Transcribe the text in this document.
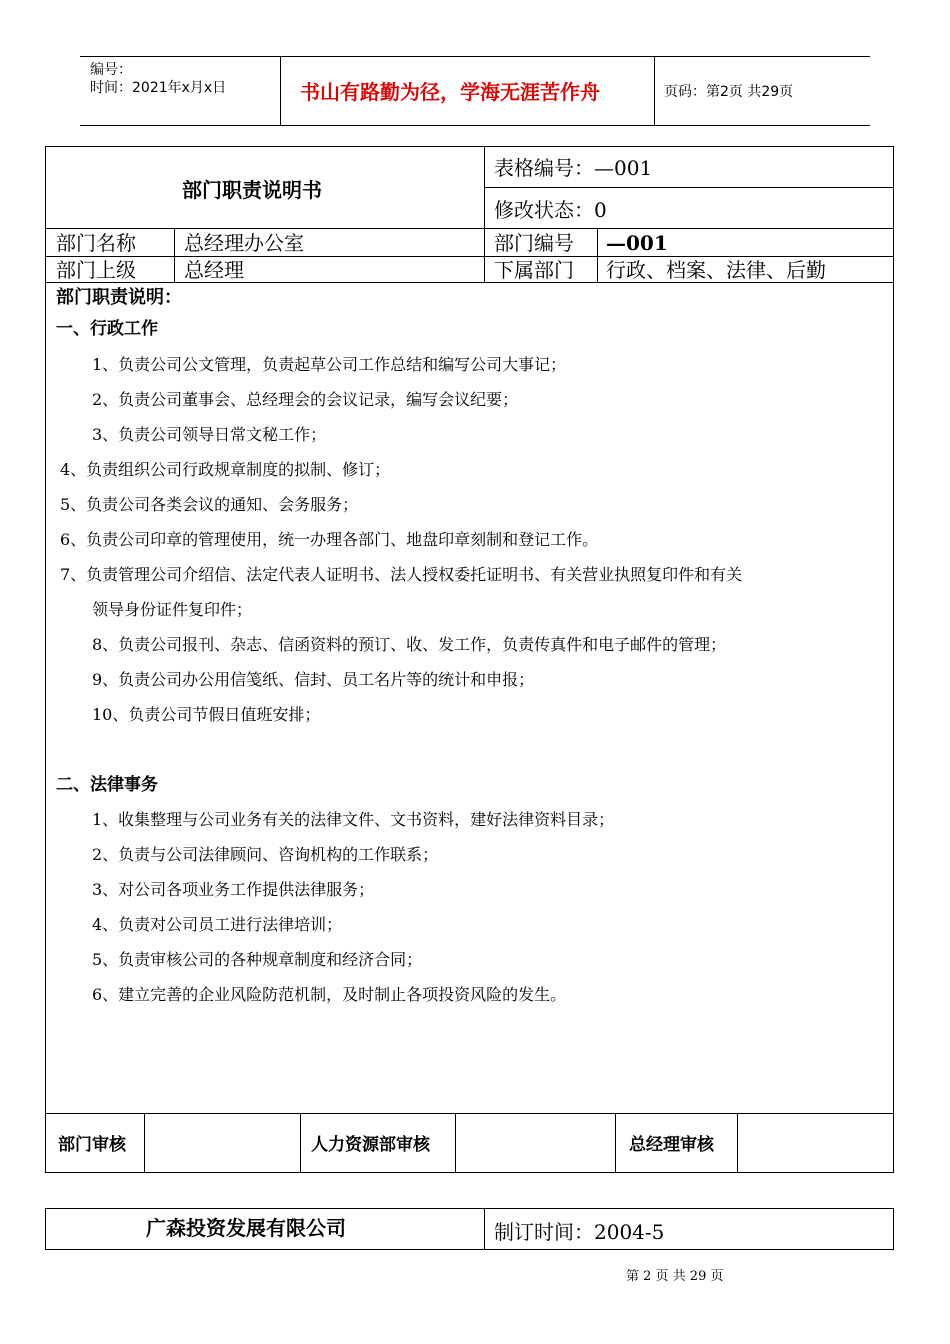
编号：
时间：2021年x月x日	书山有路勤为径，学海无涯苦作舟	页码：第2页 共29页
部门职责说明书
表格编号：—001
修改状态：0
部门名称 总经理办公室	部门编号 —001
部门上级 总经理	下属部门 行政、档案、法律、后勤
部门职责说明：
一、行政工作
1、负责公司公文管理，负责起草公司工作总结和编写公司大事记；
2、负责公司董事会、总经理会的会议记录，编写会议纪要；
3、负责公司领导日常文秘工作；
4、负责组织公司行政规章制度的拟制、修订；
5、负责公司各类会议的通知、会务服务；
6、负责公司印章的管理使用，统一办理各部门、地盘印章刻制和登记工作。
7、负责管理公司介绍信、法定代表人证明书、法人授权委托证明书、有关营业执照复印件和有关
领导身份证件复印件；
8、负责公司报刊、杂志、信函资料的预订、收、发工作，负责传真件和电子邮件的管理；
9、负责公司办公用信笺纸、信封、员工名片等的统计和申报；
10、负责公司节假日值班安排；
二、法律事务
1、收集整理与公司业务有关的法律文件、文书资料，建好法律资料目录；
2、负责与公司法律顾问、咨询机构的工作联系；
3、对公司各项业务工作提供法律服务；
4、负责对公司员工进行法律培训；
5、负责审核公司的各种规章制度和经济合同；
6、建立完善的企业风险防范机制，及时制止各项投资风险的发生。
部门审核	人力资源部审核	总经理审核
广森投资发展有限公司	制订时间：2004-5
第 2 页 共 29 页
